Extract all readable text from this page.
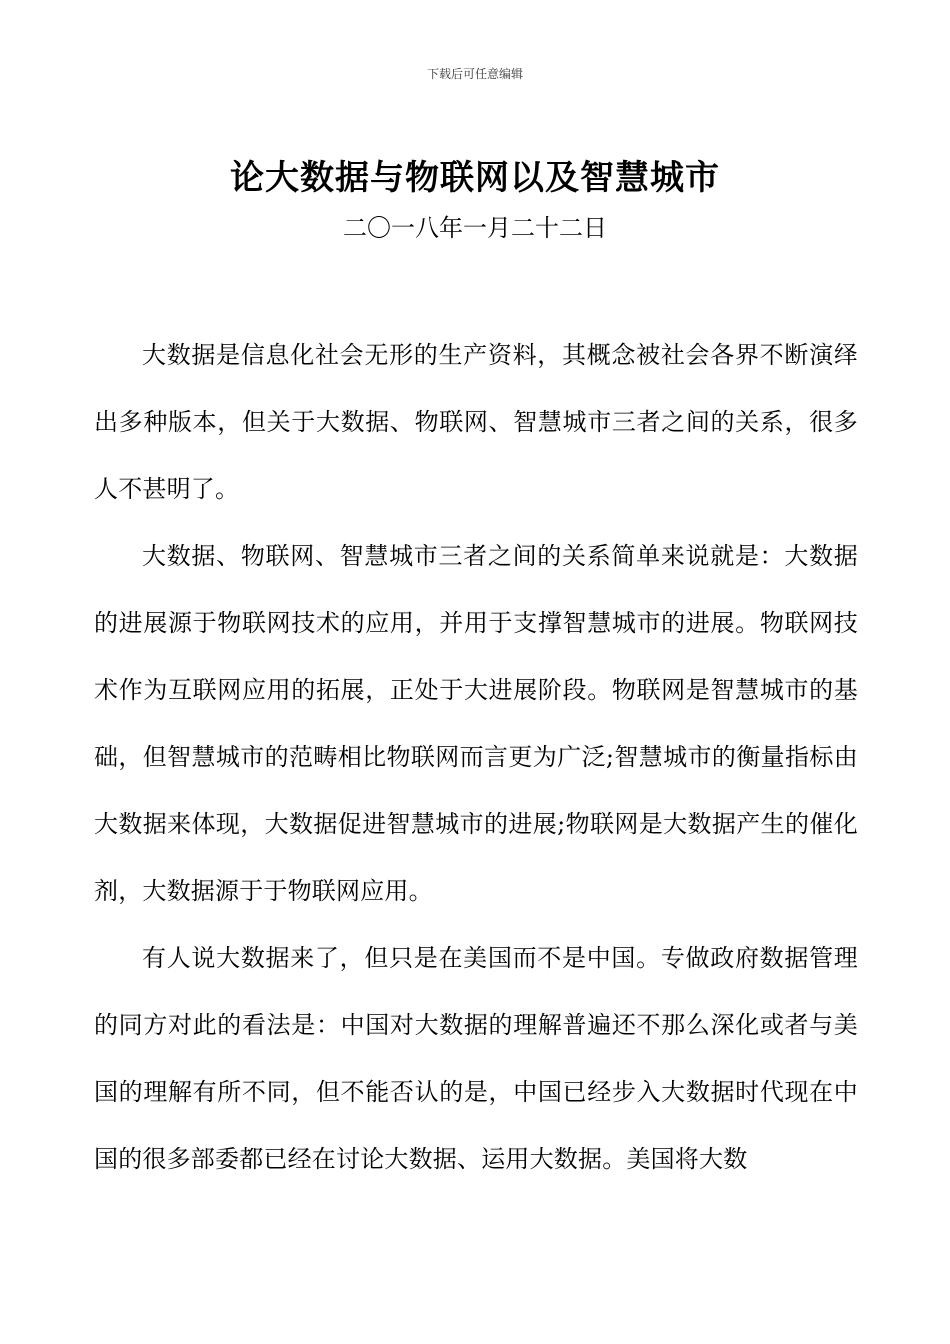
下载后可任意编辑
论大数据与物联网以及智慧城市
二〇一八年一月二十二日

大数据是信息化社会无形的生产资料，其概念被社会各界不断演绎出多种版本，但关于大数据、物联网、智慧城市三者之间的关系，很多人不甚明了。

大数据、物联网、智慧城市三者之间的关系简单来说就是：大数据的进展源于物联网技术的应用，并用于支撑智慧城市的进展。物联网技术作为互联网应用的拓展，正处于大进展阶段。物联网是智慧城市的基础，但智慧城市的范畴相比物联网而言更为广泛;智慧城市的衡量指标由大数据来体现，大数据促进智慧城市的进展;物联网是大数据产生的催化剂，大数据源于于物联网应用。

有人说大数据来了，但只是在美国而不是中国。专做政府数据管理的同方对此的看法是：中国对大数据的理解普遍还不那么深化或者与美国的理解有所不同，但不能否认的是，中国已经步入大数据时代现在中国的很多部委都已经在讨论大数据、运用大数据。美国将大数
